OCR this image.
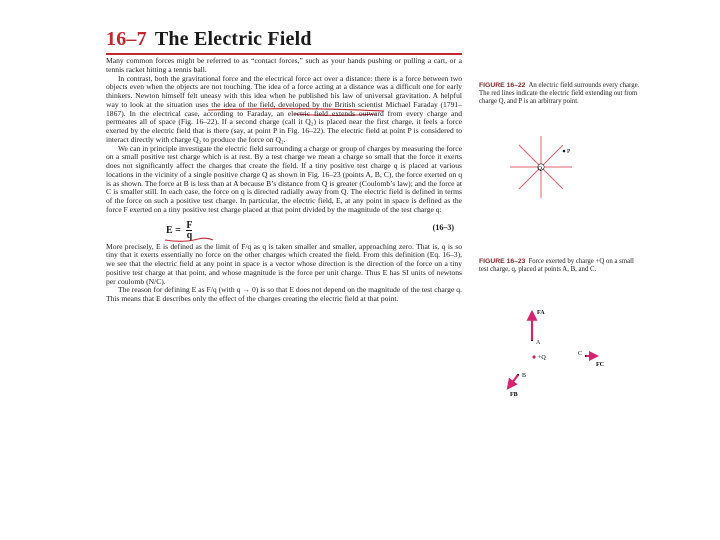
16–7 The Electric Field

Many common forces might be referred to as “contact forces,” such as your hands pushing or pulling a cart, or a tennis racket hitting a tennis ball.

In contrast, both the gravitational force and the electrical force act over a distance: there is a force between two objects even when the objects are not touching. The idea of a force acting at a distance was a difficult one for early thinkers. Newton himself felt uneasy with this idea when he published his law of universal gravitation. A helpful way to look at the situation uses the idea of the field, developed by the British scientist Michael Faraday (1791–1867). In the electrical case, according to Faraday, an electric field extends outward from every charge and permeates all of space (Fig. 16–22). If a second charge (call it Q₂) is placed near the first charge, it feels a force exerted by the electric field that is there (say, at point P in Fig. 16–22). The electric field at point P is considered to interact directly with charge Q₂ to produce the force on Q₂.

We can in principle investigate the electric field surrounding a charge or group of charges by measuring the force on a small positive test charge which is at rest. By a test charge we mean a charge so small that the force it exerts does not significantly affect the charges that create the field. If a tiny positive test charge q is placed at various locations in the vicinity of a single positive charge Q as shown in Fig. 16–23 (points A, B, C), the force exerted on q is as shown. The force at B is less than at A because B’s distance from Q is greater (Coulomb’s law); and the force at C is smaller still. In each case, the force on q is directed radially away from Q. The electric field is defined in terms of the force on such a positive test charge. In particular, the electric field, E, at any point in space is defined as the force F exerted on a tiny positive test charge placed at that point divided by the magnitude of the test charge q:

$E = \frac{F}{q}$	(16–3)

More precisely, E is defined as the limit of F/q as q is taken smaller and smaller, approaching zero. That is, q is so tiny that it exerts essentially no force on the other charges which created the field. From this definition (Eq. 16–3), we see that the electric field at any point in space is a vector whose direction is the direction of the force on a tiny positive test charge at that point, and whose magnitude is the force per unit charge. Thus E has SI units of newtons per coulomb (N/C).

The reason for defining E as F/q (with q → 0) is so that E does not depend on the magnitude of the test charge q. This means that E describes only the effect of the charges creating the electric field at that point.

FIGURE 16–22 An electric field surrounds every charge. The red lines indicate the electric field extending out from charge Q, and P is an arbitrary point.
Q
P
FIGURE 16–23 Force exerted by charge +Q on a small test charge, q, placed at points A, B, and C.
+Q
A
FA
C
FC
B
FB
